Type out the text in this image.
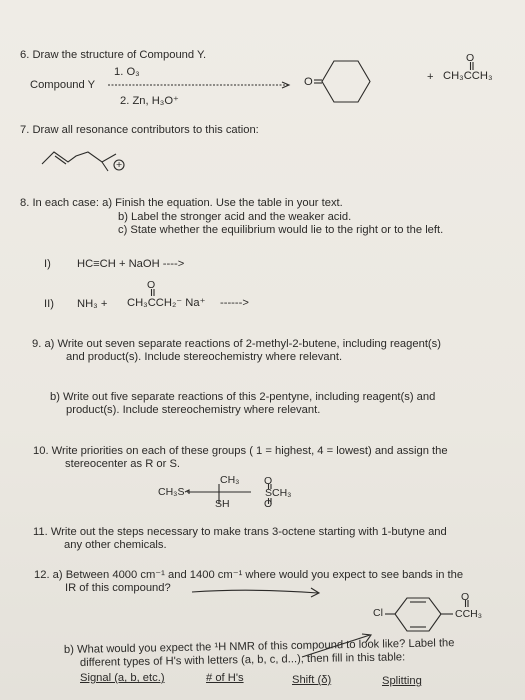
6. Draw the structure of Compound Y.
1. O₃
Compound Y
2. Zn, H₃O⁺
O	+
O
CH₃CCH₃
7. Draw all resonance contributors to this cation:
+
8. In each case: a) Finish the equation. Use the table in your text.
b) Label the stronger acid and the weaker acid.
c) State whether the equilibrium would lie to the right or to the left.
I) HC≡CH + NaOH ---->
II) NH₃ +
O
CH₃CCH₂⁻ Na⁺ ------>
9. a) Write out seven separate reactions of 2-methyl-2-butene, including reagent(s)
and product(s). Include stereochemistry where relevant.
b) Write out five separate reactions of this 2-pentyne, including reagent(s) and
product(s). Include stereochemistry where relevant.
10. Write priorities on each of these groups ( 1 = highest, 4 = lowest) and assign the
stereocenter as R or S.
CH₃
CH₃S
O
SCH₃
O
SH
11. Write out the steps necessary to make trans 3-octene starting with 1-butyne and
any other chemicals.
12. a) Between 4000 cm⁻¹ and 1400 cm⁻¹ where would you expect to see bands in the
IR of this compound?
Cl
O
CCH₃
b) What would you expect the ¹H NMR of this compound to look like? Label the
different types of H's with letters (a, b, c, d...), then fill in this table:
Signal (a, b, etc.)	# of H's	Shift (δ)	Splitting
